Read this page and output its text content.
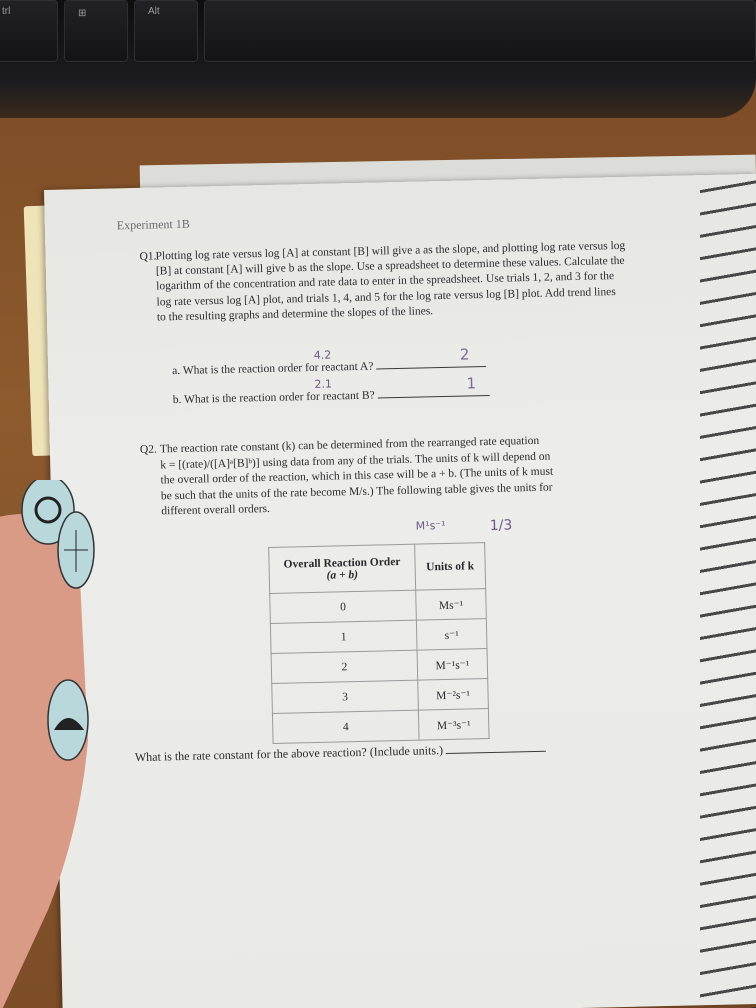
trl	⊞	Alt
Experiment 1B
Q1.

Plotting log rate versus log [A] at constant [B] will give a as the slope, and plotting log rate versus log [B] at constant [A] will give b as the slope. Use a spreadsheet to determine these values. Calculate the logarithm of the concentration and rate data to enter in the spreadsheet. Use trials 1, 2, and 3 for the log rate versus log [A] plot, and trials 1, 4, and 5 for the log rate versus log [B] plot. Add trend lines to the resulting graphs and determine the slopes of the lines.

4.2
a. What is the reaction order for reactant A?
2
2.1
b. What is the reaction order for reactant B?
1
Q2. The reaction rate constant (k) can be determined from the rearranged rate equation
k = [(rate)/([A]ᵃ[B]ᵇ)] using data from any of the trials. The units of k will depend on
the overall order of the reaction, which in this case will be a + b. (The units of k must
be such that the units of the rate become M/s.) The following table gives the units for
different overall orders.
M¹s⁻¹	1/3
Overall Reaction Order
(a + b)	Units of k
0	Ms⁻¹
1	s⁻¹
2	M⁻¹s⁻¹
3	M⁻²s⁻¹
4	M⁻³s⁻¹
What is the rate constant for the above reaction? (Include units.)
